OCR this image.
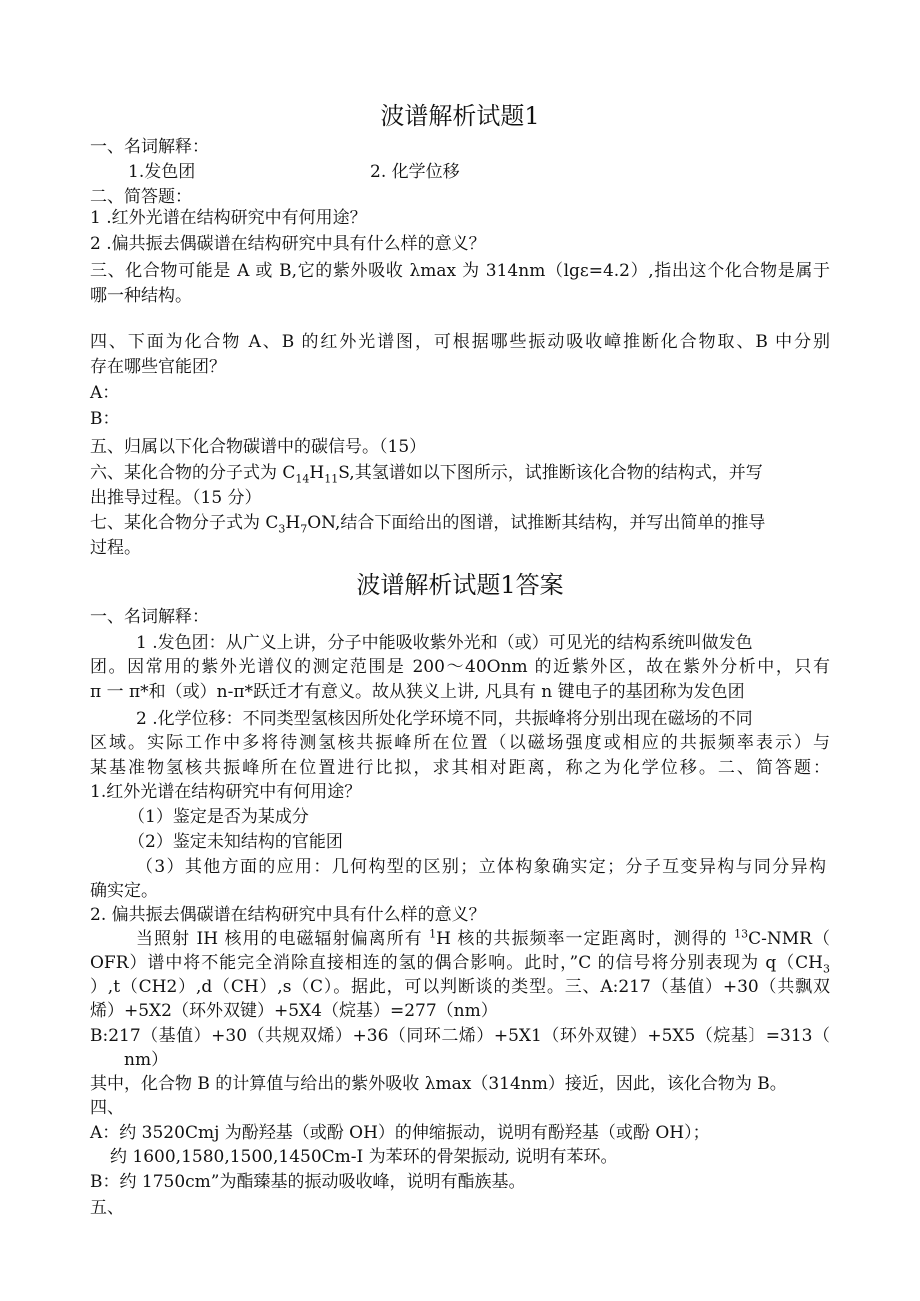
波谱解析试题1
一、名词解释：
1.发色团	2. 化学位移
二、简答题：
1 .红外光谱在结构研究中有何用途？
2 .偏共振去偶碳谱在结构研究中具有什么样的意义？
三、化合物可能是 A 或 B,它的紫外吸收 λmax 为 314nm（lgε=4.2）,指出这个化合物是属于
哪一种结构。
四、下面为化合物 A、B 的红外光谱图，可根据哪些振动吸收嶂推断化合物取、B 中分别
存在哪些官能团？
A：
B：
五、归属以下化合物碳谱中的碳信号。（15）
六、某化合物的分子式为 $C_{14}H_{11}S$,其氢谱如以下图所示，试推断该化合物的结构式，并写
出推导过程。（15 分）
七、某化合物分子式为 $C_3H_7ON$,结合下面给出的图谱，试推断其结构，并写出简单的推导
过程。
波谱解析试题1答案
一、名词解释：
1 .发色团：从广义上讲，分子中能吸收紫外光和（或）可见光的结构系统叫做发色
团。因常用的紫外光谱仪的测定范围是 200～40Onm 的近紫外区，故在紫外分析中，只有
π 一 π*和（或）n-π*跃迁才有意义。故从狭义上讲, 凡具有 n 键电子的基团称为发色团
2 .化学位移：不同类型氢核因所处化学环境不同，共振峰将分别出现在磁场的不同
区域。实际工作中多将待测氢核共振峰所在位置（以磁场强度或相应的共振频率表示）与
某基准物氢核共振峰所在位置进行比拟，求其相对距离，称之为化学位移。二、简答题：
1.红外光谱在结构研究中有何用途？
（1）鉴定是否为某成分
（2）鉴定未知结构的官能团
（3）其他方面的应用：几何构型的区别；立体构象确实定；分子互变异构与同分异构
确实定。
2. 偏共振去偶碳谱在结构研究中具有什么样的意义？
当照射 IH 核用的电磁辐射偏离所有 $^1$H 核的共振频率一定距离时，测得的 $^{13}$C-NMR（
OFR）谱中将不能完全消除直接相连的氢的偶合影响。此时，”C 的信号将分别表现为 $q(CH_3$
）,t（CH2）,d（CH）,s（C）。据此，可以判断谈的类型。三、A:217（基值）+30（共飘双
烯）+5X2（环外双键）+5X4（烷基）=277（nm）
B:217（基值）+30（共规双烯）+36（同环二烯）+5X1（环外双键）+5X5（烷基〕=313（
nm）
其中，化合物 B 的计算值与给出的紫外吸收 λmax（314nm）接近，因此，该化合物为 B。
四、
A：约 3520Cmj 为酚羟基（或酚 OH）的伸缩振动，说明有酚羟基（或酚 OH）；
约 1600,1580,1500,1450Cm-I 为苯环的骨架振动, 说明有苯环。
B：约 1750cm”为酯臻基的振动吸收峰，说明有酯族基。
五、
